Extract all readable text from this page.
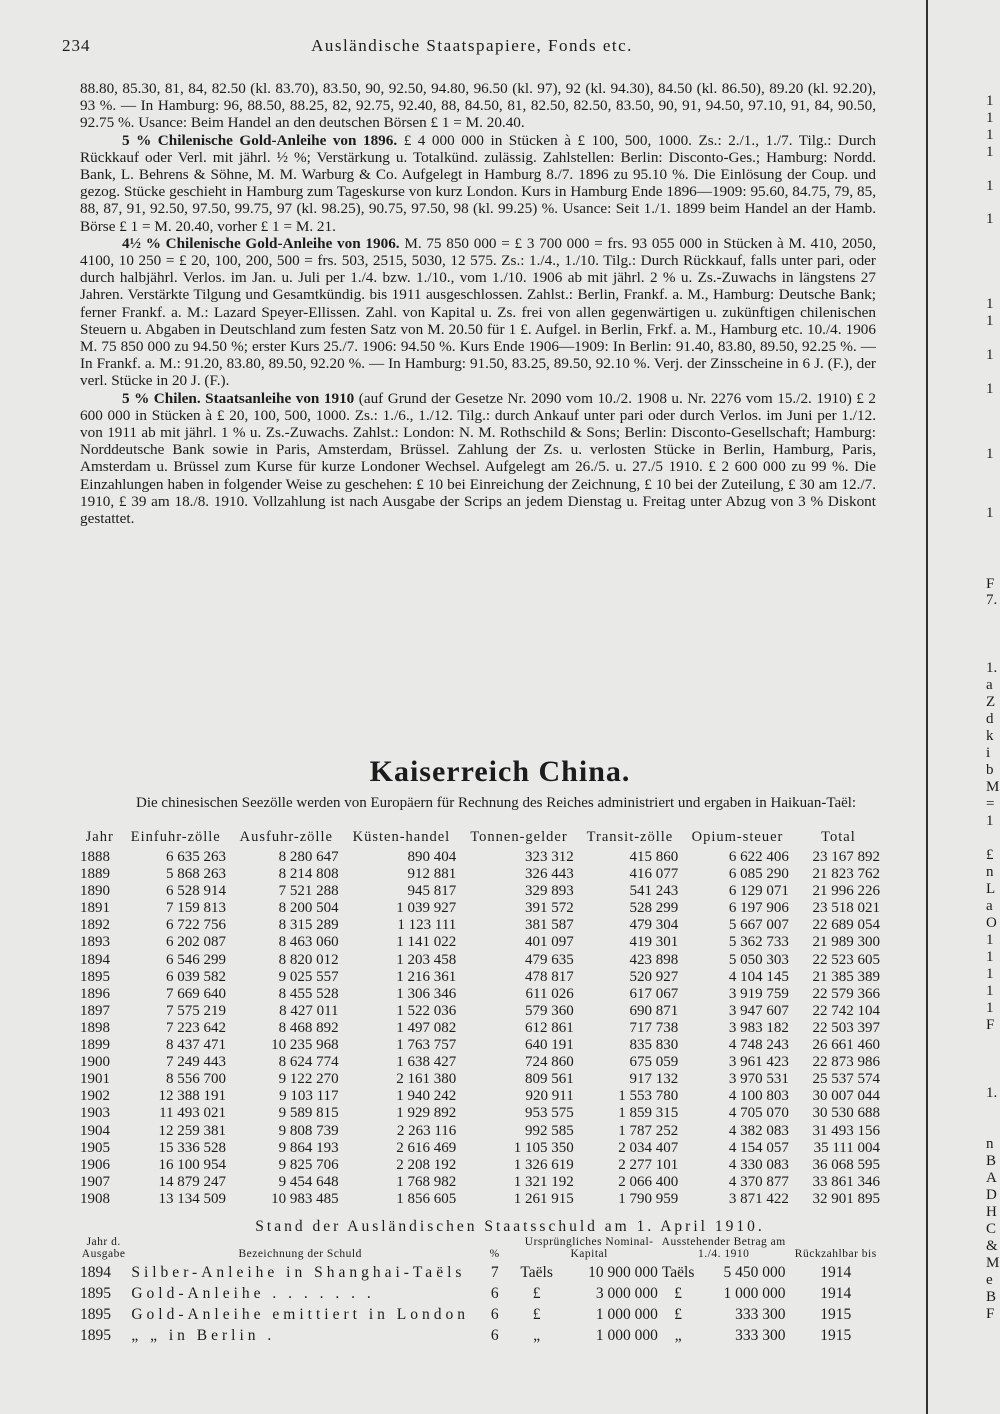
234	Ausländische Staatspapiere, Fonds etc.

88.80, 85.30, 81, 84, 82.50 (kl. 83.70), 83.50, 90, 92.50, 94.80, 96.50 (kl. 97), 92 (kl. 94.30), 84.50 (kl. 86.50), 89.20 (kl. 92.20), 93 %. — In Hamburg: 96, 88.50, 88.25, 82, 92.75, 92.40, 88, 84.50, 81, 82.50, 82.50, 83.50, 90, 91, 94.50, 97.10, 91, 84, 90.50, 92.75 %. Usance: Beim Handel an den deutschen Börsen £ 1 = M. 20.40.

5 % Chilenische Gold-Anleihe von 1896. £ 4 000 000 in Stücken à £ 100, 500, 1000. Zs.: 2./1., 1./7. Tilg.: Durch Rückkauf oder Verl. mit jährl. ½ %; Verstärkung u. Totalkünd. zulässig. Zahlstellen: Berlin: Disconto-Ges.; Hamburg: Nordd. Bank, L. Behrens & Söhne, M. M. Warburg & Co. Aufgelegt in Hamburg 8./7. 1896 zu 95.10 %. Die Einlösung der Coup. und gezog. Stücke geschieht in Hamburg zum Tageskurse von kurz London. Kurs in Hamburg Ende 1896—1909: 95.60, 84.75, 79, 85, 88, 87, 91, 92.50, 97.50, 99.75, 97 (kl. 98.25), 90.75, 97.50, 98 (kl. 99.25) %. Usance: Seit 1./1. 1899 beim Handel an der Hamb. Börse £ 1 = M. 20.40, vorher £ 1 = M. 21.

4½ % Chilenische Gold-Anleihe von 1906. M. 75 850 000 = £ 3 700 000 = frs. 93 055 000 in Stücken à M. 410, 2050, 4100, 10 250 = £ 20, 100, 200, 500 = frs. 503, 2515, 5030, 12 575. Zs.: 1./4., 1./10. Tilg.: Durch Rückkauf, falls unter pari, oder durch halbjährl. Verlos. im Jan. u. Juli per 1./4. bzw. 1./10., vom 1./10. 1906 ab mit jährl. 2 % u. Zs.-Zuwachs in längstens 27 Jahren. Verstärkte Tilgung und Gesamtkündig. bis 1911 ausgeschlossen. Zahlst.: Berlin, Frankf. a. M., Hamburg: Deutsche Bank; ferner Frankf. a. M.: Lazard Speyer-Ellissen. Zahl. von Kapital u. Zs. frei von allen gegenwärtigen u. zukünftigen chilenischen Steuern u. Abgaben in Deutschland zum festen Satz von M. 20.50 für 1 £. Aufgel. in Berlin, Frkf. a. M., Hamburg etc. 10./4. 1906 M. 75 850 000 zu 94.50 %; erster Kurs 25./7. 1906: 94.50 %. Kurs Ende 1906—1909: In Berlin: 91.40, 83.80, 89.50, 92.25 %. — In Frankf. a. M.: 91.20, 83.80, 89.50, 92.20 %. — In Hamburg: 91.50, 83.25, 89.50, 92.10 %. Verj. der Zinsscheine in 6 J. (F.), der verl. Stücke in 20 J. (F.).

5 % Chilen. Staatsanleihe von 1910 (auf Grund der Gesetze Nr. 2090 vom 10./2. 1908 u. Nr. 2276 vom 15./2. 1910) £ 2 600 000 in Stücken à £ 20, 100, 500, 1000. Zs.: 1./6., 1./12. Tilg.: durch Ankauf unter pari oder durch Verlos. im Juni per 1./12. von 1911 ab mit jährl. 1 % u. Zs.-Zuwachs. Zahlst.: London: N. M. Rothschild & Sons; Berlin: Disconto-Gesellschaft; Hamburg: Norddeutsche Bank sowie in Paris, Amsterdam, Brüssel. Zahlung der Zs. u. verlosten Stücke in Berlin, Hamburg, Paris, Amsterdam u. Brüssel zum Kurse für kurze Londoner Wechsel. Aufgelegt am 26./5. u. 27./5 1910. £ 2 600 000 zu 99 %. Die Einzahlungen haben in folgender Weise zu geschehen: £ 10 bei Einreichung der Zeichnung, £ 10 bei der Zuteilung, £ 30 am 12./7. 1910, £ 39 am 18./8. 1910. Vollzahlung ist nach Ausgabe der Scrips an jedem Dienstag u. Freitag unter Abzug von 3 % Diskont gestattet.

Kaiserreich China.

Die chinesischen Seezölle werden von Europäern für Rechnung des Reiches administriert und ergaben in Haikuan-Taël:

Jahr	Einfuhr-zölle	Ausfuhr-zölle	Küsten-handel	Tonnen-gelder	Transit-zölle	Opium-steuer	Total
1888	6 635 263	8 280 647	890 404	323 312	415 860	6 622 406	23 167 892
1889	5 868 263	8 214 808	912 881	326 443	416 077	6 085 290	21 823 762
1890	6 528 914	7 521 288	945 817	329 893	541 243	6 129 071	21 996 226
1891	7 159 813	8 200 504	1 039 927	391 572	528 299	6 197 906	23 518 021
1892	6 722 756	8 315 289	1 123 111	381 587	479 304	5 667 007	22 689 054
1893	6 202 087	8 463 060	1 141 022	401 097	419 301	5 362 733	21 989 300
1894	6 546 299	8 820 012	1 203 458	479 635	423 898	5 050 303	22 523 605
1895	6 039 582	9 025 557	1 216 361	478 817	520 927	4 104 145	21 385 389
1896	7 669 640	8 455 528	1 306 346	611 026	617 067	3 919 759	22 579 366
1897	7 575 219	8 427 011	1 522 036	579 360	690 871	3 947 607	22 742 104
1898	7 223 642	8 468 892	1 497 082	612 861	717 738	3 983 182	22 503 397
1899	8 437 471	10 235 968	1 763 757	640 191	835 830	4 748 243	26 661 460
1900	7 249 443	8 624 774	1 638 427	724 860	675 059	3 961 423	22 873 986
1901	8 556 700	9 122 270	2 161 380	809 561	917 132	3 970 531	25 537 574
1902	12 388 191	9 103 117	1 940 242	920 911	1 553 780	4 100 803	30 007 044
1903	11 493 021	9 589 815	1 929 892	953 575	1 859 315	4 705 070	30 530 688
1904	12 259 381	9 808 739	2 263 116	992 585	1 787 252	4 382 083	31 493 156
1905	15 336 528	9 864 193	2 616 469	1 105 350	2 034 407	4 154 057	35 111 004
1906	16 100 954	9 825 706	2 208 192	1 326 619	2 277 101	4 330 083	36 068 595
1907	14 879 247	9 454 648	1 768 982	1 321 192	2 066 400	4 370 877	33 861 346
1908	13 134 509	10 983 485	1 856 605	1 261 915	1 790 959	3 871 422	32 901 895
Stand der Ausländischen Staatsschuld am 1. April 1910.
Jahr d. Ausgabe	Bezeichnung der Schuld	%	Ursprüngliches Nominal-Kapital		Ausstehender Betrag am 1./4. 1910		Rückzahlbar bis
1894	Silber-Anleihe in Shanghai-Taëls	7	Taëls	10 900 000	Taëls	5 450 000	1914
1895	Gold-Anleihe . . . . . . .	6	£	3 000 000	£	1 000 000	1914
1895	Gold-Anleihe emittiert in London	6	£	1 000 000	£	333 300	1915
1895	„ „ in Berlin .	6	„	1 000 000	„	333 300	1915
1
1
1
1
1
1
1
1
1
1
1
1
F
7.
1.
a
Z
d
k
i
b
M
=
1
£
n
L
a
O
1
1
1
1
1
F
1.
n
B
A
D
H
C
&
M
e
B
F
